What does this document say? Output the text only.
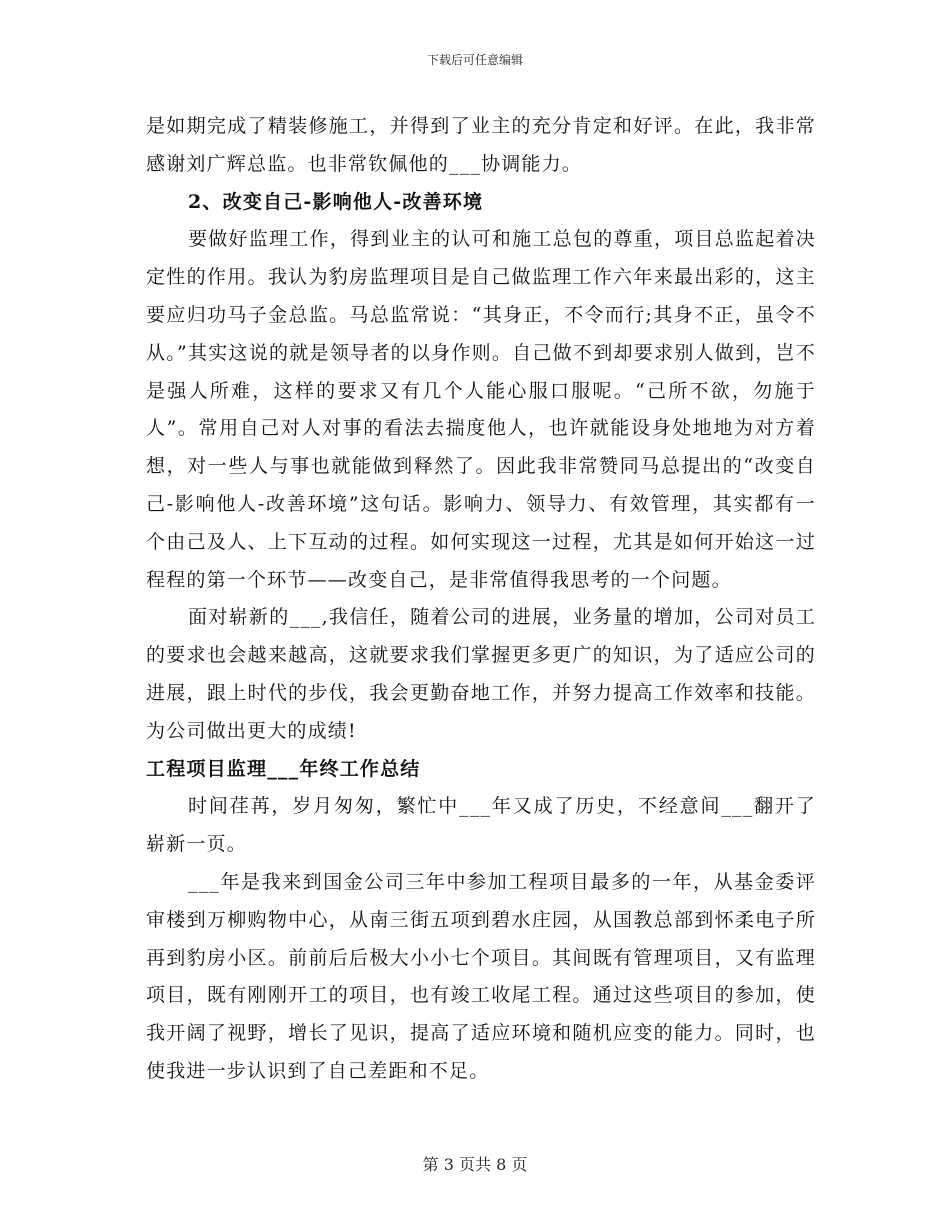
下载后可任意编辑

是如期完成了精装修施工，并得到了业主的充分肯定和好评。在此，我非常感谢刘广辉总监。也非常钦佩他的___协调能力。

2、改变自己-影响他人-改善环境

要做好监理工作，得到业主的认可和施工总包的尊重，项目总监起着决定性的作用。我认为豹房监理项目是自己做监理工作六年来最出彩的，这主要应归功马子金总监。马总监常说：“其身正，不令而行;其身不正，虽令不从。”其实这说的就是领导者的以身作则。自己做不到却要求别人做到，岂不是强人所难，这样的要求又有几个人能心服口服呢。“己所不欲，勿施于人”。常用自己对人对事的看法去揣度他人，也许就能设身处地地为对方着想，对一些人与事也就能做到释然了。因此我非常赞同马总提出的“改变自己-影响他人-改善环境”这句话。影响力、领导力、有效管理，其实都有一个由己及人、上下互动的过程。如何实现这一过程，尤其是如何开始这一过程程的第一个环节——改变自己，是非常值得我思考的一个问题。

面对崭新的___,我信任，随着公司的进展，业务量的增加，公司对员工的要求也会越来越高，这就要求我们掌握更多更广的知识，为了适应公司的进展，跟上时代的步伐，我会更勤奋地工作，并努力提高工作效率和技能。为公司做出更大的成绩!

工程项目监理___年终工作总结

时间荏苒，岁月匆匆，繁忙中___年又成了历史，不经意间___翻开了崭新一页。

___年是我来到国金公司三年中参加工程项目最多的一年，从基金委评审楼到万柳购物中心，从南三街五项到碧水庄园，从国教总部到怀柔电子所再到豹房小区。前前后后极大小小七个项目。其间既有管理项目，又有监理项目，既有刚刚开工的项目，也有竣工收尾工程。通过这些项目的参加，使我开阔了视野，增长了见识，提高了适应环境和随机应变的能力。同时，也使我进一步认识到了自己差距和不足。

第 3 页共 8 页
